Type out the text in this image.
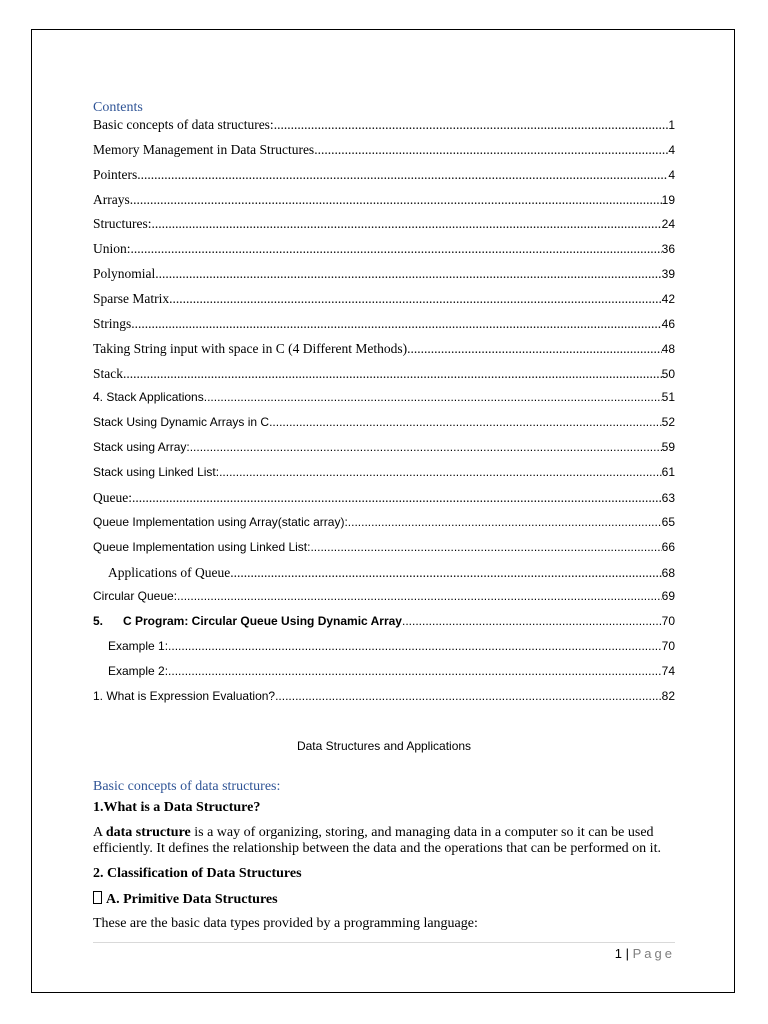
Contents
Basic concepts of data structures: .....	1
Memory Management in Data Structures .....	4
Pointers .....	4
Arrays .....	19
Structures: .....	24
Union: .....	36
Polynomial .....	39
Sparse Matrix .....	42
Strings .....	46
Taking String input with space in C (4 Different Methods) .....	48
Stack .....	50
4. Stack Applications .....	51
Stack Using Dynamic Arrays in C .....	52
Stack using Array: .....	59
Stack using Linked List: .....	61
Queue: .....	63
Queue Implementation using Array(static array): .....	65
Queue Implementation using Linked List: .....	66
Applications of Queue .....	68
Circular Queue: .....	69
5. C Program: Circular Queue Using Dynamic Array .....	70
Example 1: .....	70
Example 2: .....	74
1. What is Expression Evaluation? .....	82
Data Structures and Applications
Basic concepts of data structures:
1.What is a Data Structure?
A data structure is a way of organizing, storing, and managing data in a computer so it can be used efficiently. It defines the relationship between the data and the operations that can be performed on it.
2. Classification of Data Structures
A. Primitive Data Structures
These are the basic data types provided by a programming language:
1 | Page
